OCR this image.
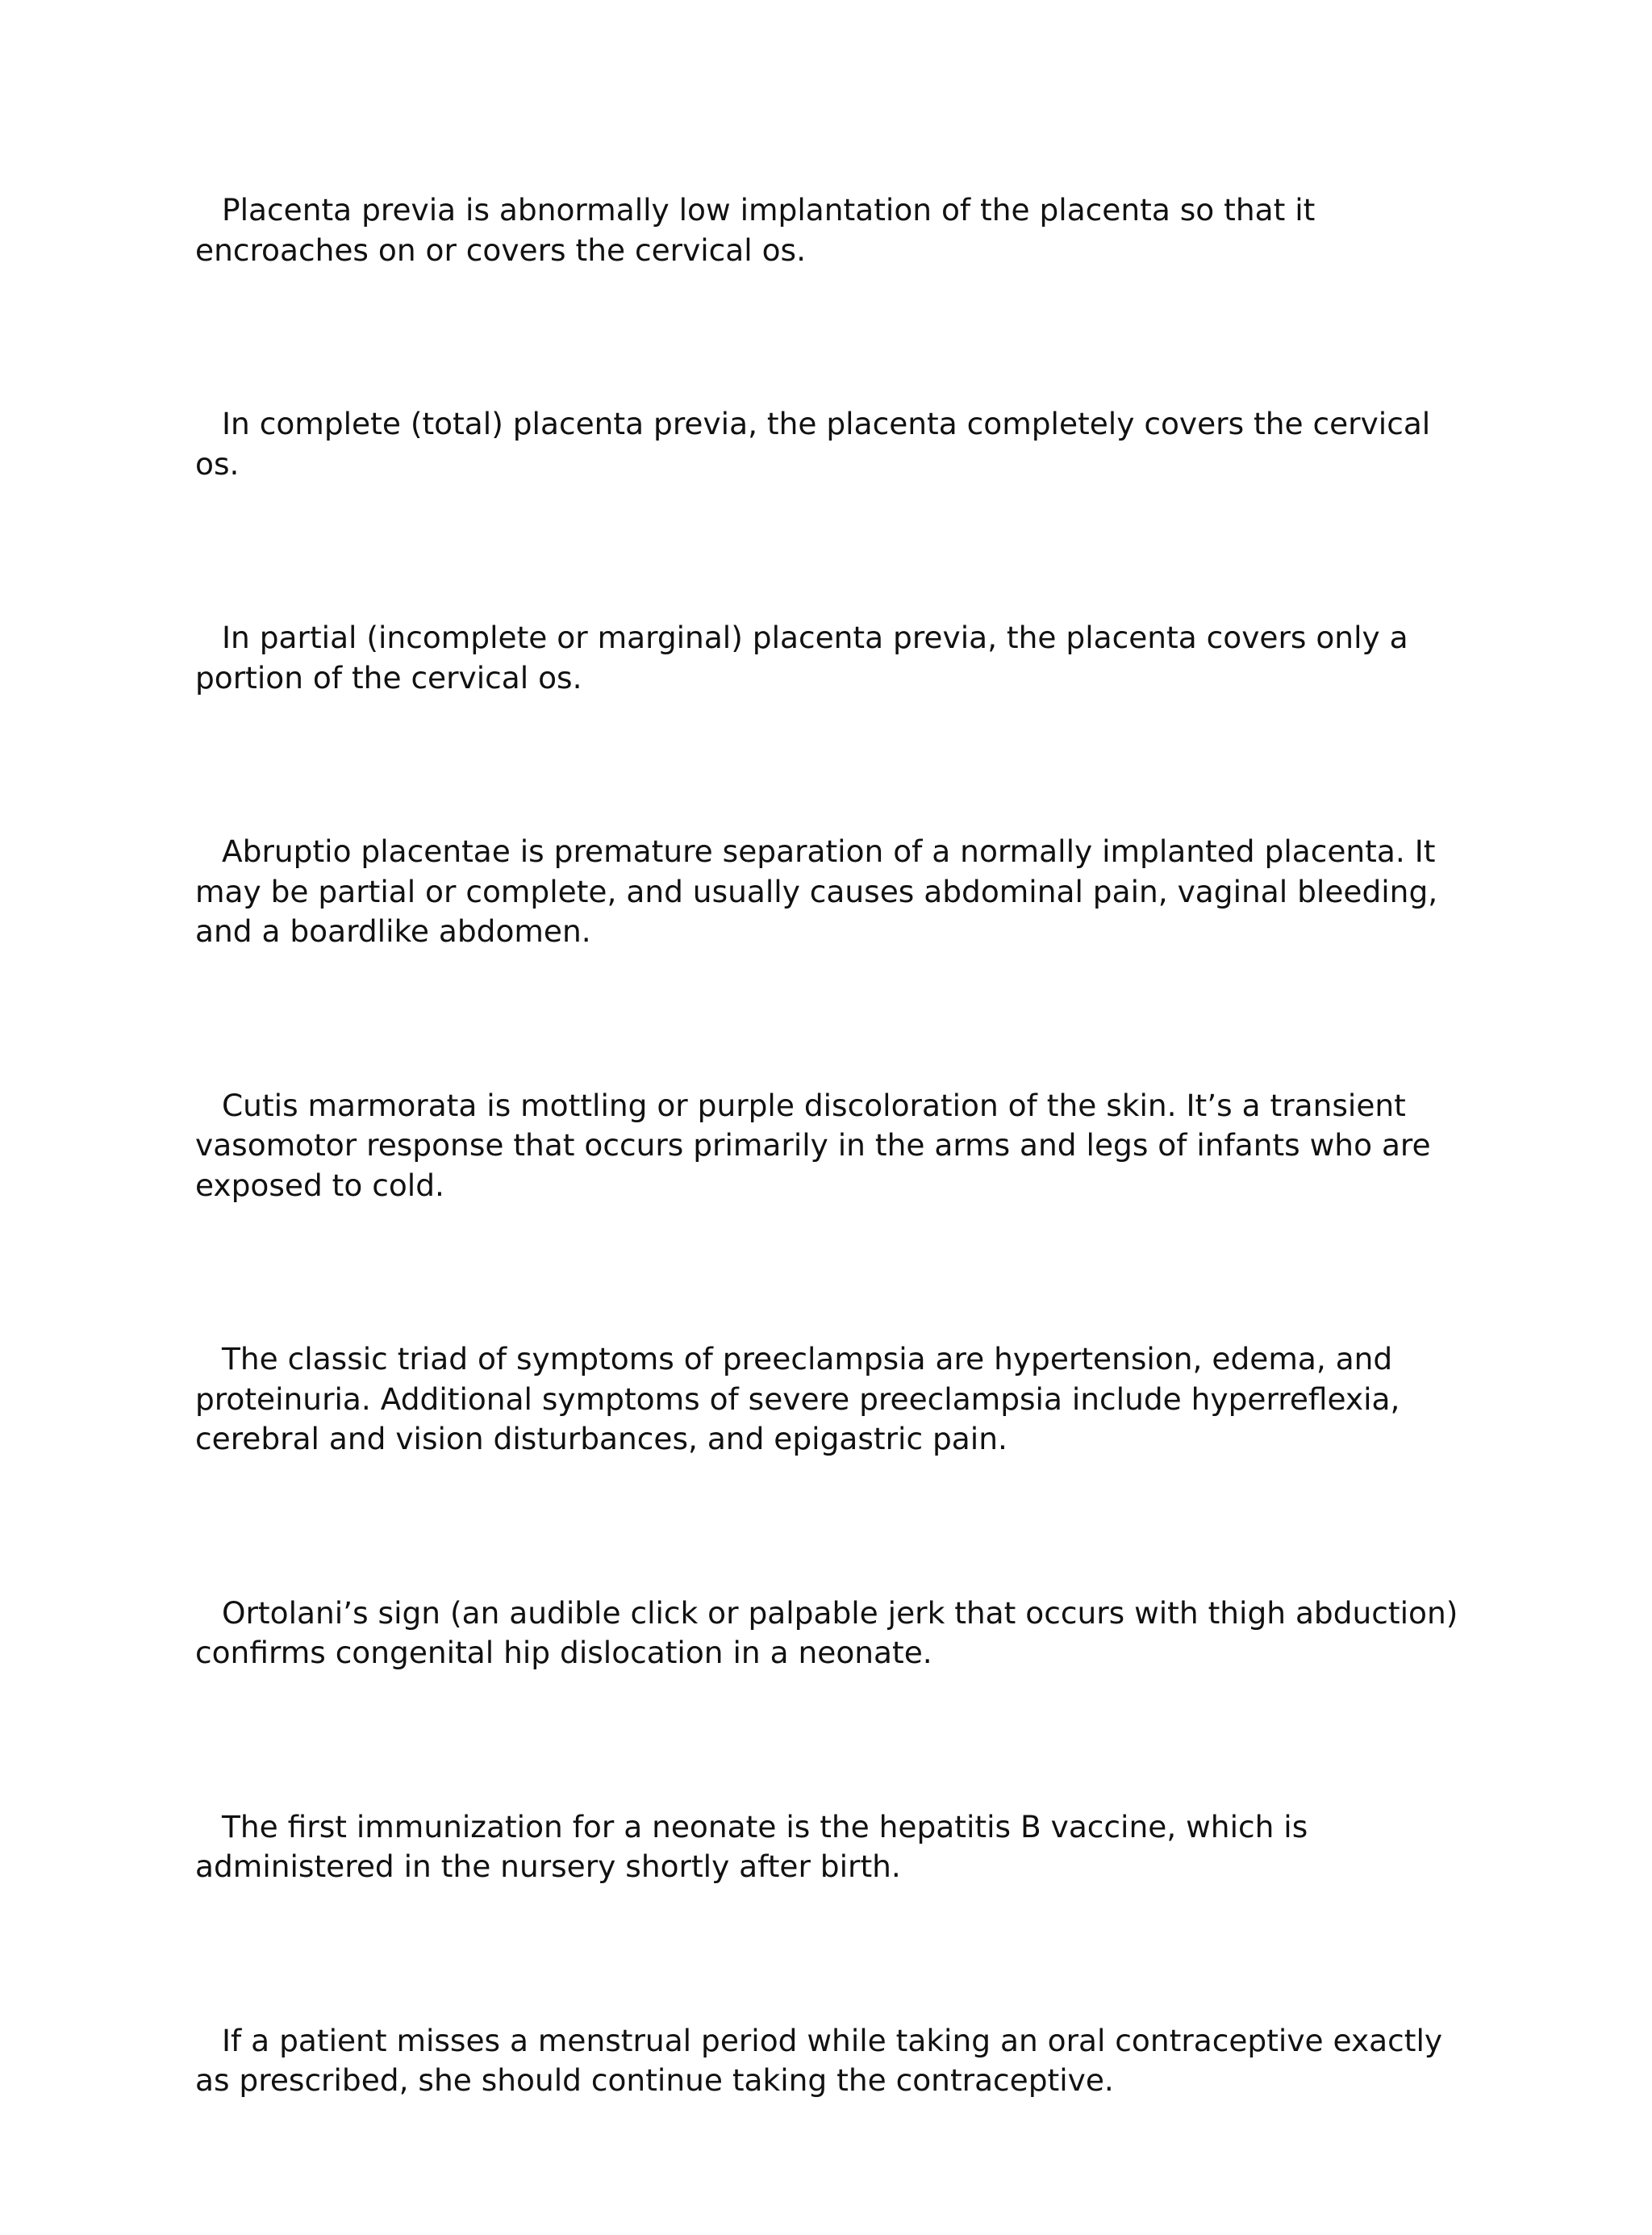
Placenta previa is abnormally low implantation of the placenta so that it encroaches on or covers the cervical os.

In complete (total) placenta previa, the placenta completely covers the cervical os.

In partial (incomplete or marginal) placenta previa, the placenta covers only a portion of the cervical os.

Abruptio placentae is premature separation of a normally implanted placenta. It may be partial or complete, and usually causes abdominal pain, vaginal bleeding, and a boardlike abdomen.

Cutis marmorata is mottling or purple discoloration of the skin. It’s a transient vasomotor response that occurs primarily in the arms and legs of infants who are exposed to cold.

The classic triad of symptoms of preeclampsia are hypertension, edema, and proteinuria. Additional symptoms of severe preeclampsia include hyperreflexia, cerebral and vision disturbances, and epigastric pain.

Ortolani’s sign (an audible click or palpable jerk that occurs with thigh abduction) confirms congenital hip dislocation in a neonate.

The first immunization for a neonate is the hepatitis B vaccine, which is administered in the nursery shortly after birth.

If a patient misses a menstrual period while taking an oral contraceptive exactly as prescribed, she should continue taking the contraceptive.
